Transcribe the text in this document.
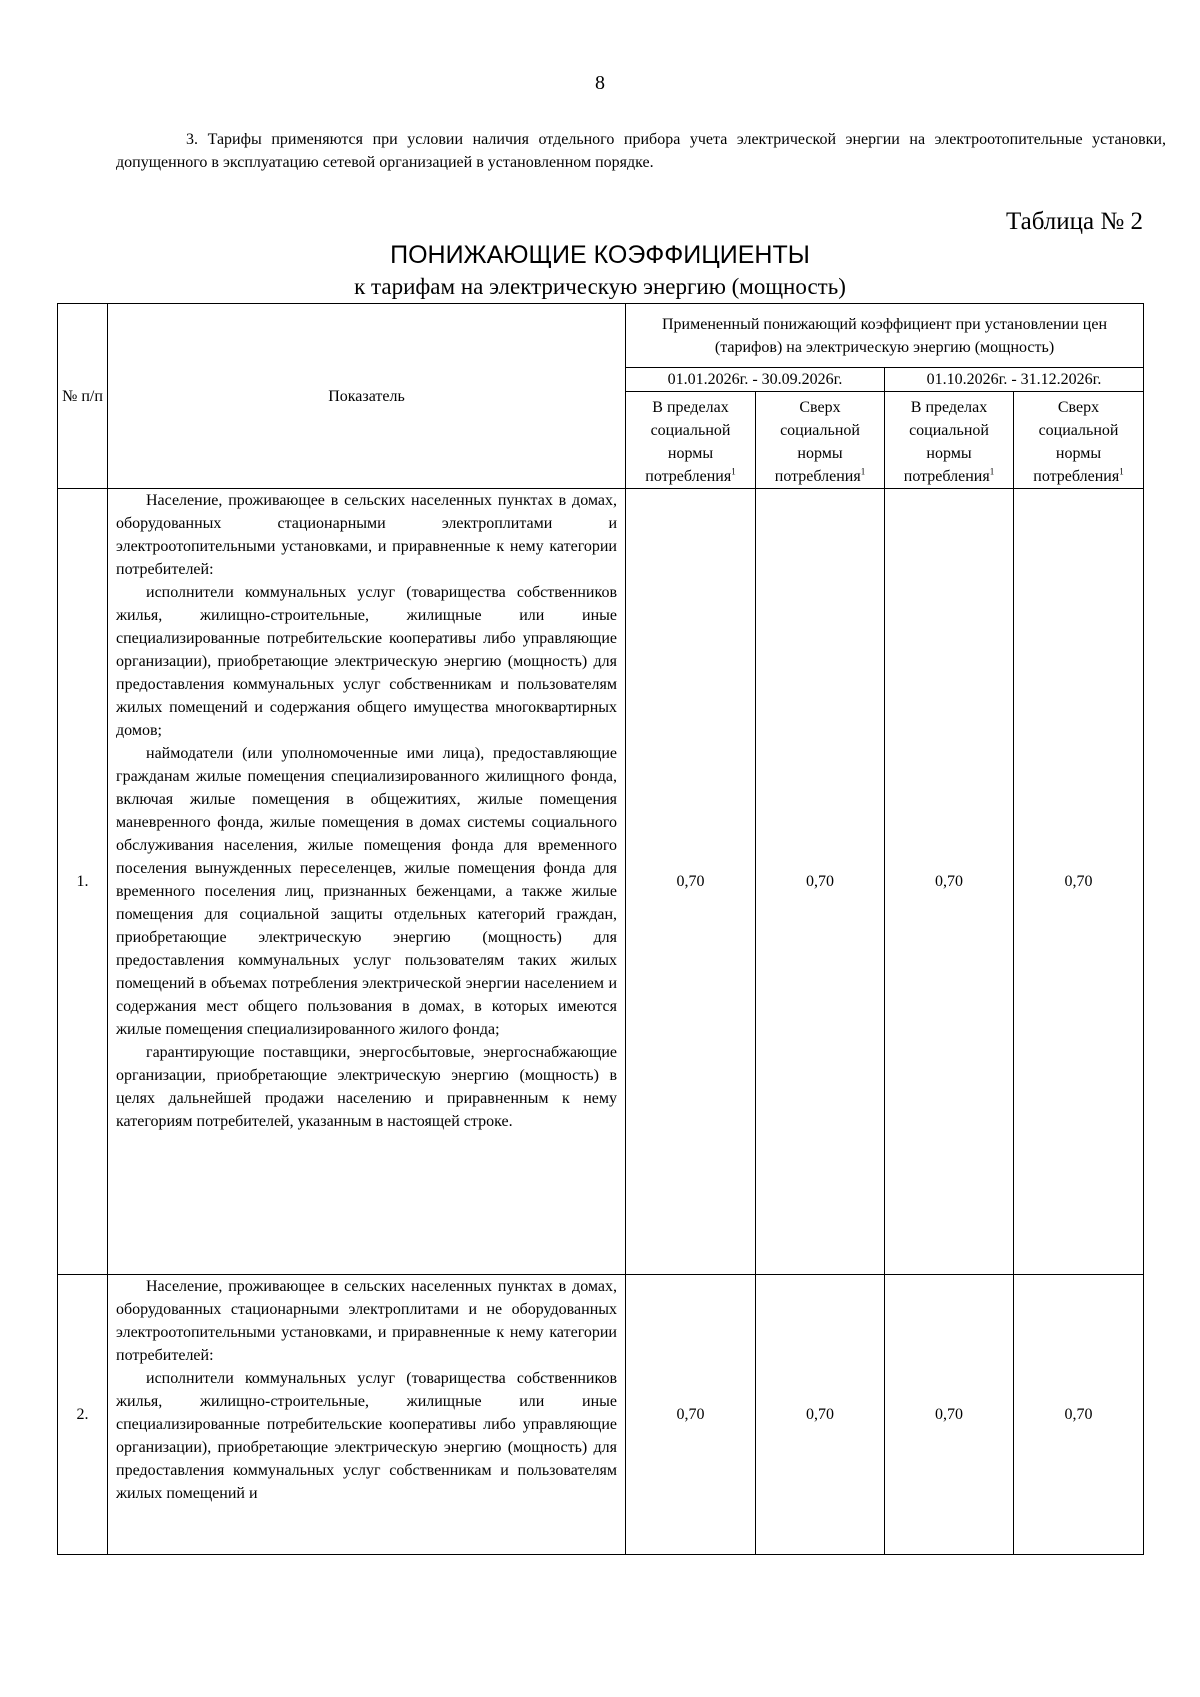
8
3. Тарифы применяются при условии наличия отдельного прибора учета электрической энергии на электроотопительные установки, допущенного в эксплуатацию сетевой организацией в установленном порядке.
Таблица № 2
ПОНИЖАЮЩИЕ КОЭФФИЦИЕНТЫ
к тарифам на электрическую энергию (мощность)
№ п/п	Показатель	Примененный понижающий коэффициент при установлении цен (тарифов) на электрическую энергию (мощность)			
		01.01.2026г. - 30.09.2026г.		01.10.2026г. - 31.12.2026г.	
		В пределах социальной нормы потребления$^1$	Сверх социальной нормы потребления$^1$	В пределах социальной нормы потребления$^1$	Сверх социальной нормы потребления$^1$
1.	Население, проживающее в сельских населенных пунктах в домах, оборудованных стационарными электроплитами и электроотопительными установками, и приравненные к нему категории потребителей:

исполнители коммунальных услуг (товарищества собственников жилья, жилищно-строительные, жилищные или иные специализированные потребительские кооперативы либо управляющие организации), приобретающие электрическую энергию (мощность) для предоставления коммунальных услуг собственникам и пользователям жилых помещений и содержания общего имущества многоквартирных домов;

наймодатели (или уполномоченные ими лица), предоставляющие гражданам жилые помещения специализированного жилищного фонда, включая жилые помещения в общежитиях, жилые помещения маневренного фонда, жилые помещения в домах системы социального обслуживания населения, жилые помещения фонда для временного поселения вынужденных переселенцев, жилые помещения фонда для временного поселения лиц, признанных беженцами, а также жилые помещения для социальной защиты отдельных категорий граждан, приобретающие электрическую энергию (мощность) для предоставления коммунальных услуг пользователям таких жилых помещений в объемах потребления электрической энергии населением и содержания мест общего пользования в домах, в которых имеются жилые помещения специализированного жилого фонда;

гарантирующие поставщики, энергосбытовые, энергоснабжающие организации, приобретающие электрическую энергию (мощность) в целях дальнейшей продажи населению и приравненным к нему категориям потребителей, указанным в настоящей строке.	0,70	0,70	0,70	0,70
2.	Население, проживающее в сельских населенных пунктах в домах, оборудованных стационарными электроплитами и не оборудованных электроотопительными установками, и приравненные к нему категории потребителей:

исполнители коммунальных услуг (товарищества собственников жилья, жилищно-строительные, жилищные или иные специализированные потребительские кооперативы либо управляющие организации), приобретающие электрическую энергию (мощность) для предоставления коммунальных услуг собственникам и пользователям жилых помещений и	0,70	0,70	0,70	0,70
